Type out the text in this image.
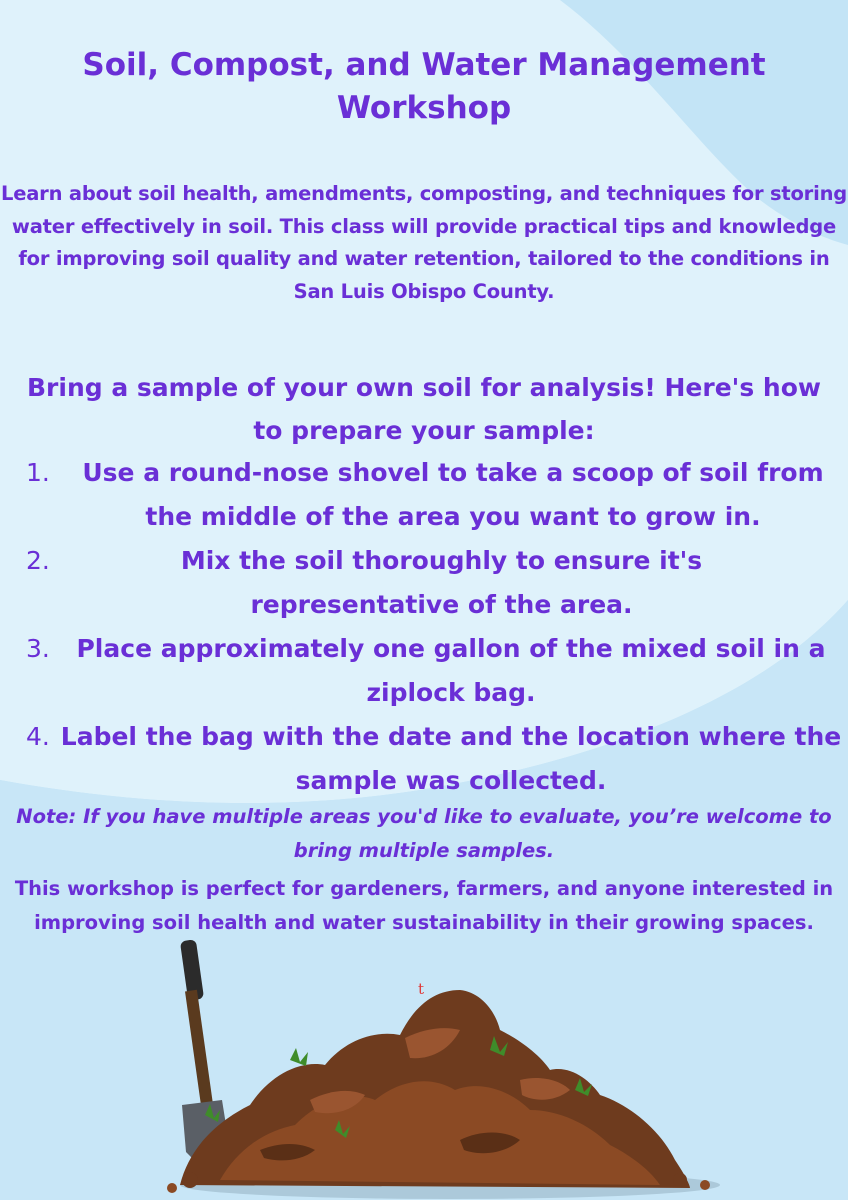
Soil, Compost, and Water Management Workshop

Learn about soil health, amendments, composting, and techniques for storing water effectively in soil. This class will provide practical tips and knowledge for improving soil quality and water retention, tailored to the conditions in San Luis Obispo County.

Bring a sample of your own soil for analysis! Here's how to prepare your sample:

1.	Use a round-nose shovel to take a scoop of soil from the middle of the area you want to grow in.

2.	Mix the soil thoroughly to ensure it's representative of the area.

3.	Place approximately one gallon of the mixed soil in a ziplock bag.

4. Label the bag with the date and the location where the sample was collected.

Note: If you have multiple areas you'd like to evaluate, you’re welcome to bring multiple samples.

This workshop is perfect for gardeners, farmers, and anyone interested in improving soil health and water sustainability in their growing spaces.

t
